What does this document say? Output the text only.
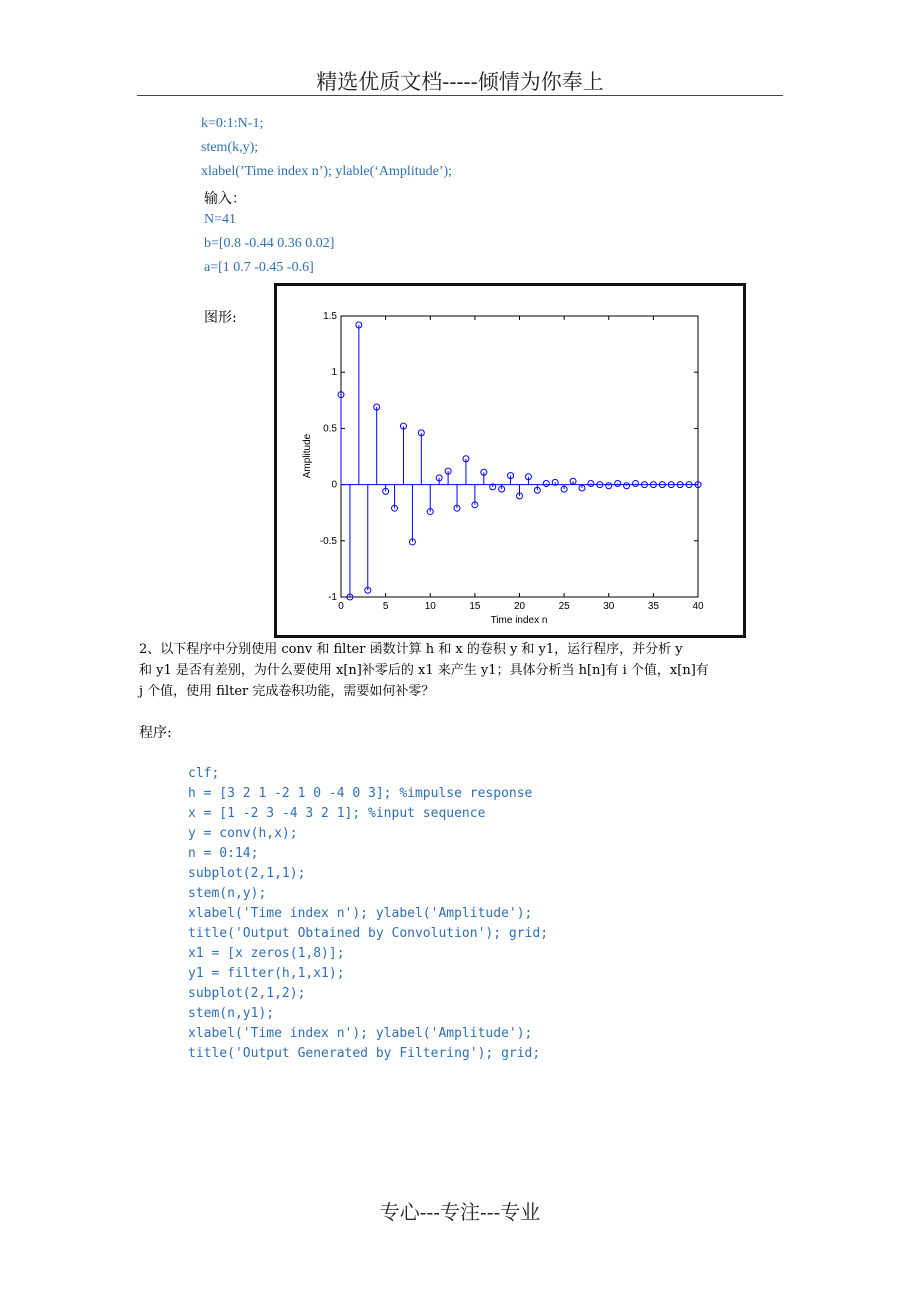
精选优质文档-----倾情为你奉上
k=0:1:N-1;
stem(k,y);
xlabel(’Time index n’); ylable(‘Amplitude’);
输入：
N=41
b=[0.8 -0.44 0.36 0.02]
a=[1 0.7 -0.45 -0.6]
图形:
0	5	10	15	20	25	30	35	40
-1
-0.5
0
0.5
1
1.5
Time index n
Amplitude
2、以下程序中分别使用 conv 和 filter 函数计算 h 和 x 的卷积 y 和 y1，运行程序，并分析 y
和 y1 是否有差别，为什么要使用 x[n]补零后的 x1 来产生 y1；具体分析当 h[n]有 i 个值，x[n]有
j 个值，使用 filter 完成卷积功能，需要如何补零？
程序:
clf;
h = [3 2 1 -2 1 0 -4 0 3]; %impulse response
x = [1 -2 3 -4 3 2 1]; %input sequence
y = conv(h,x);
n = 0:14;
subplot(2,1,1);
stem(n,y);
xlabel('Time index n'); ylabel('Amplitude');
title('Output Obtained by Convolution'); grid;
x1 = [x zeros(1,8)];
y1 = filter(h,1,x1);
subplot(2,1,2);
stem(n,y1);
xlabel('Time index n'); ylabel('Amplitude');
title('Output Generated by Filtering'); grid;
专心---专注---专业
